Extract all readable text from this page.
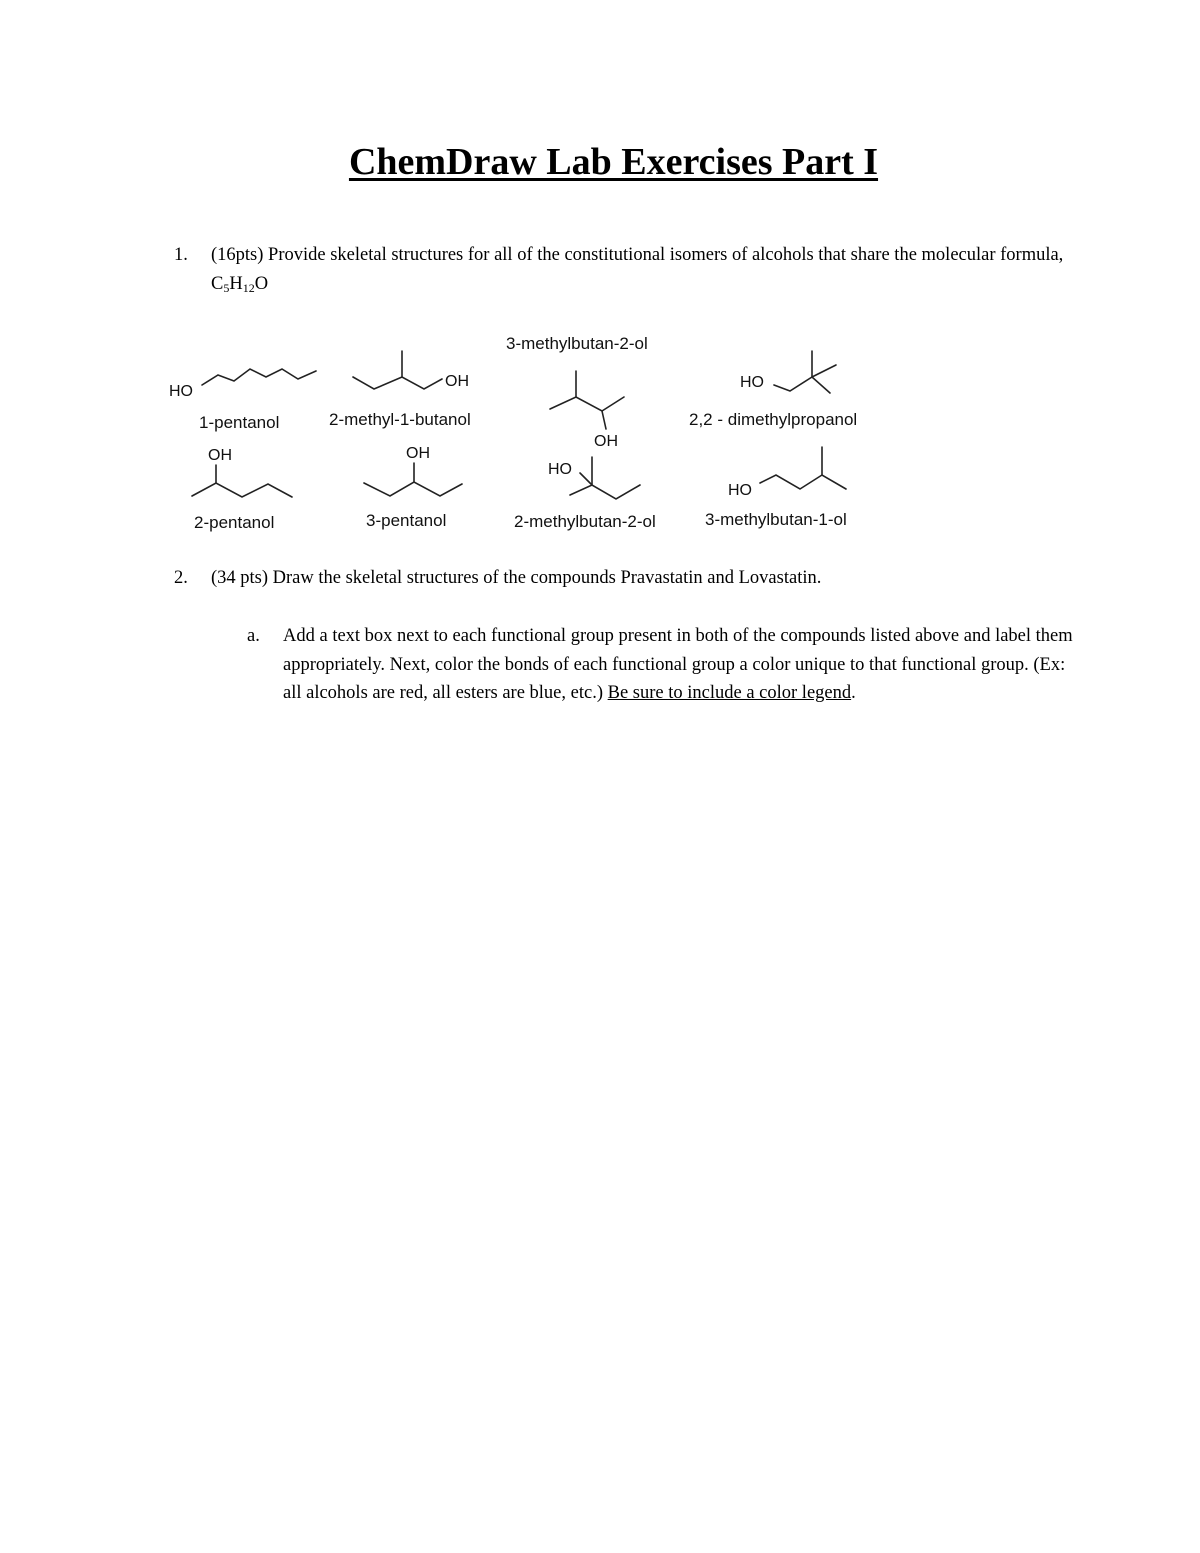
ChemDraw Lab Exercises Part I
1. (16pts) Provide skeletal structures for all of the constitutional isomers of alcohols that share the molecular formula, $C_5H_{12}O$
HO
1-pentanol
OH
2-methyl-1-butanol
3-methylbutan-2-ol
OH
HO
2,2 - dimethylpropanol
OH
2-pentanol
OH
3-pentanol
HO
2-methylbutan-2-ol
HO
3-methylbutan-1-ol
2. (34 pts) Draw the skeletal structures of the compounds Pravastatin and Lovastatin.
a. Add a text box next to each functional group present in both of the compounds listed above and label them appropriately. Next, color the bonds of each functional group a color unique to that functional group. (Ex: all alcohols are red, all esters are blue, etc.) Be sure to include a color legend.
